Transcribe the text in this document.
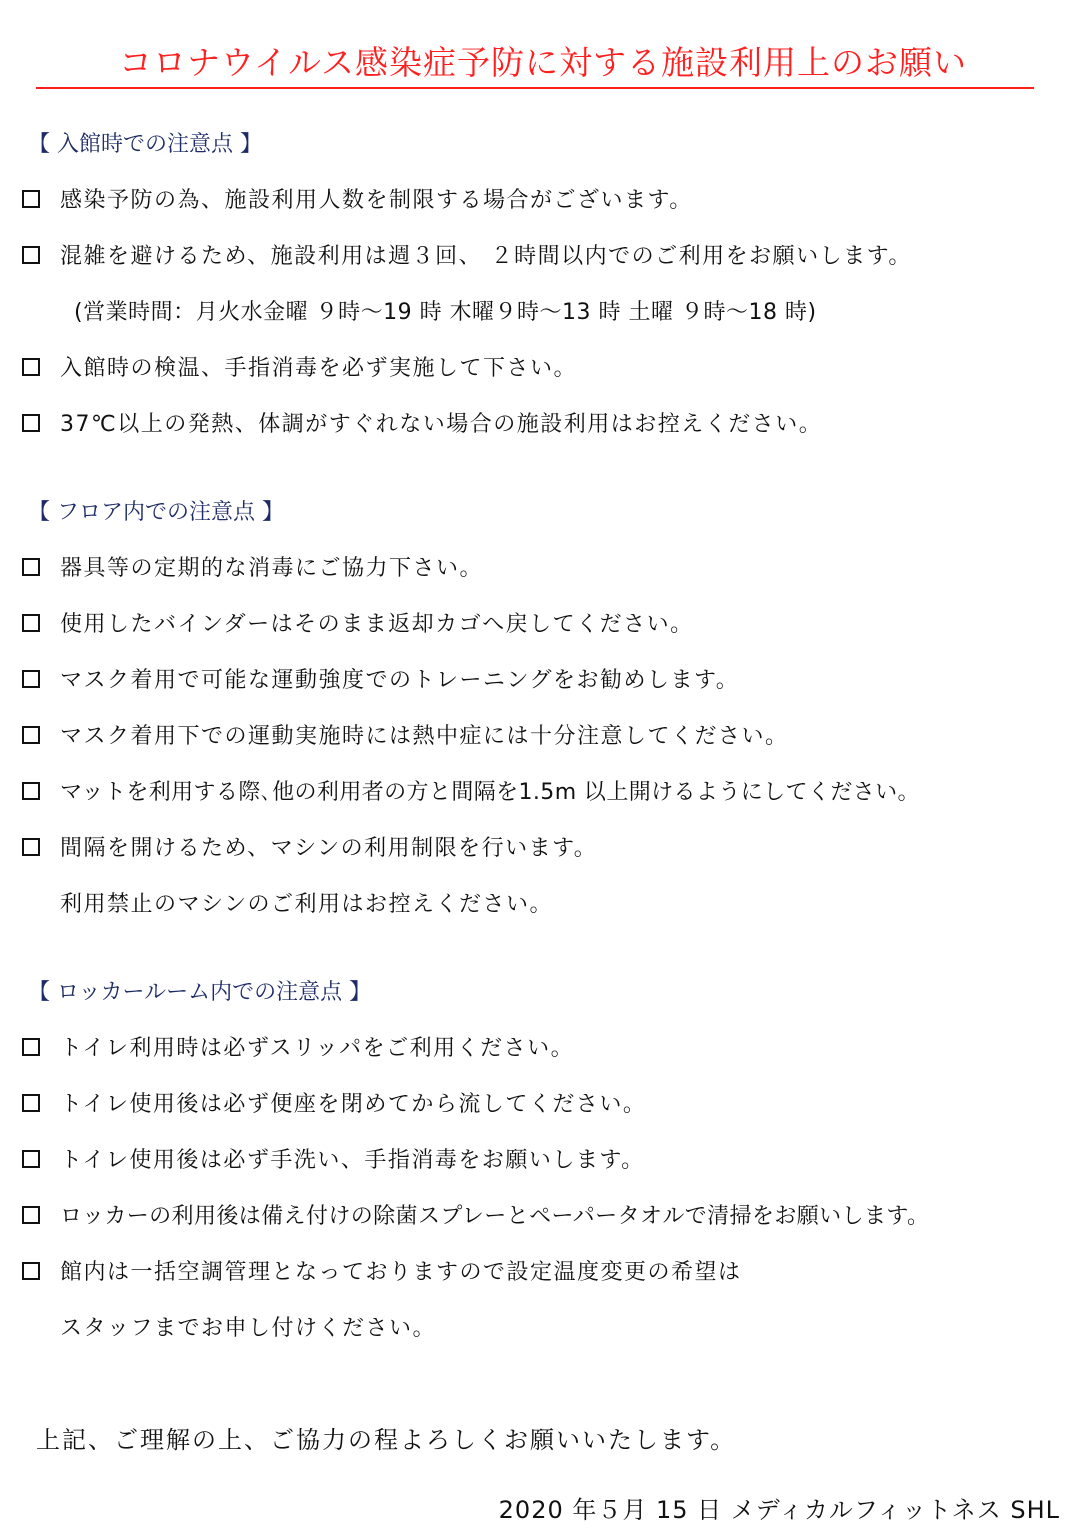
コロナウイルス感染症予防に対する施設利用上のお願い
【 入館時での注意点 】
感染予防の為、施設利用人数を制限する場合がございます。
混雑を避けるため、施設利用は週３回、 ２時間以内でのご利用をお願いします。
(営業時間：月火水金曜 ９時～19 時 木曜９時～13 時 土曜 ９時～18 時)
入館時の検温、手指消毒を必ず実施して下さい。
37℃以上の発熱、体調がすぐれない場合の施設利用はお控えください。
【 フロア内での注意点 】
器具等の定期的な消毒にご協力下さい。
使用したバインダーはそのまま返却カゴへ戻してください。
マスク着用で可能な運動強度でのトレーニングをお勧めします。
マスク着用下での運動実施時には熱中症には十分注意してください。
マットを利用する際､他の利用者の方と間隔を1.5m 以上開けるようにしてください。
間隔を開けるため、マシンの利用制限を行います。
利用禁止のマシンのご利用はお控えください。
【 ロッカールーム内での注意点 】
トイレ利用時は必ずスリッパをご利用ください。
トイレ使用後は必ず便座を閉めてから流してください。
トイレ使用後は必ず手洗い、手指消毒をお願いします。
ロッカーの利用後は備え付けの除菌スプレーとペーパータオルで清掃をお願いします。
館内は一括空調管理となっておりますので設定温度変更の希望は
スタッフまでお申し付けください。
上記、ご理解の上、ご協力の程よろしくお願いいたします。
2020 年５月 15 日 メディカルフィットネス SHL
